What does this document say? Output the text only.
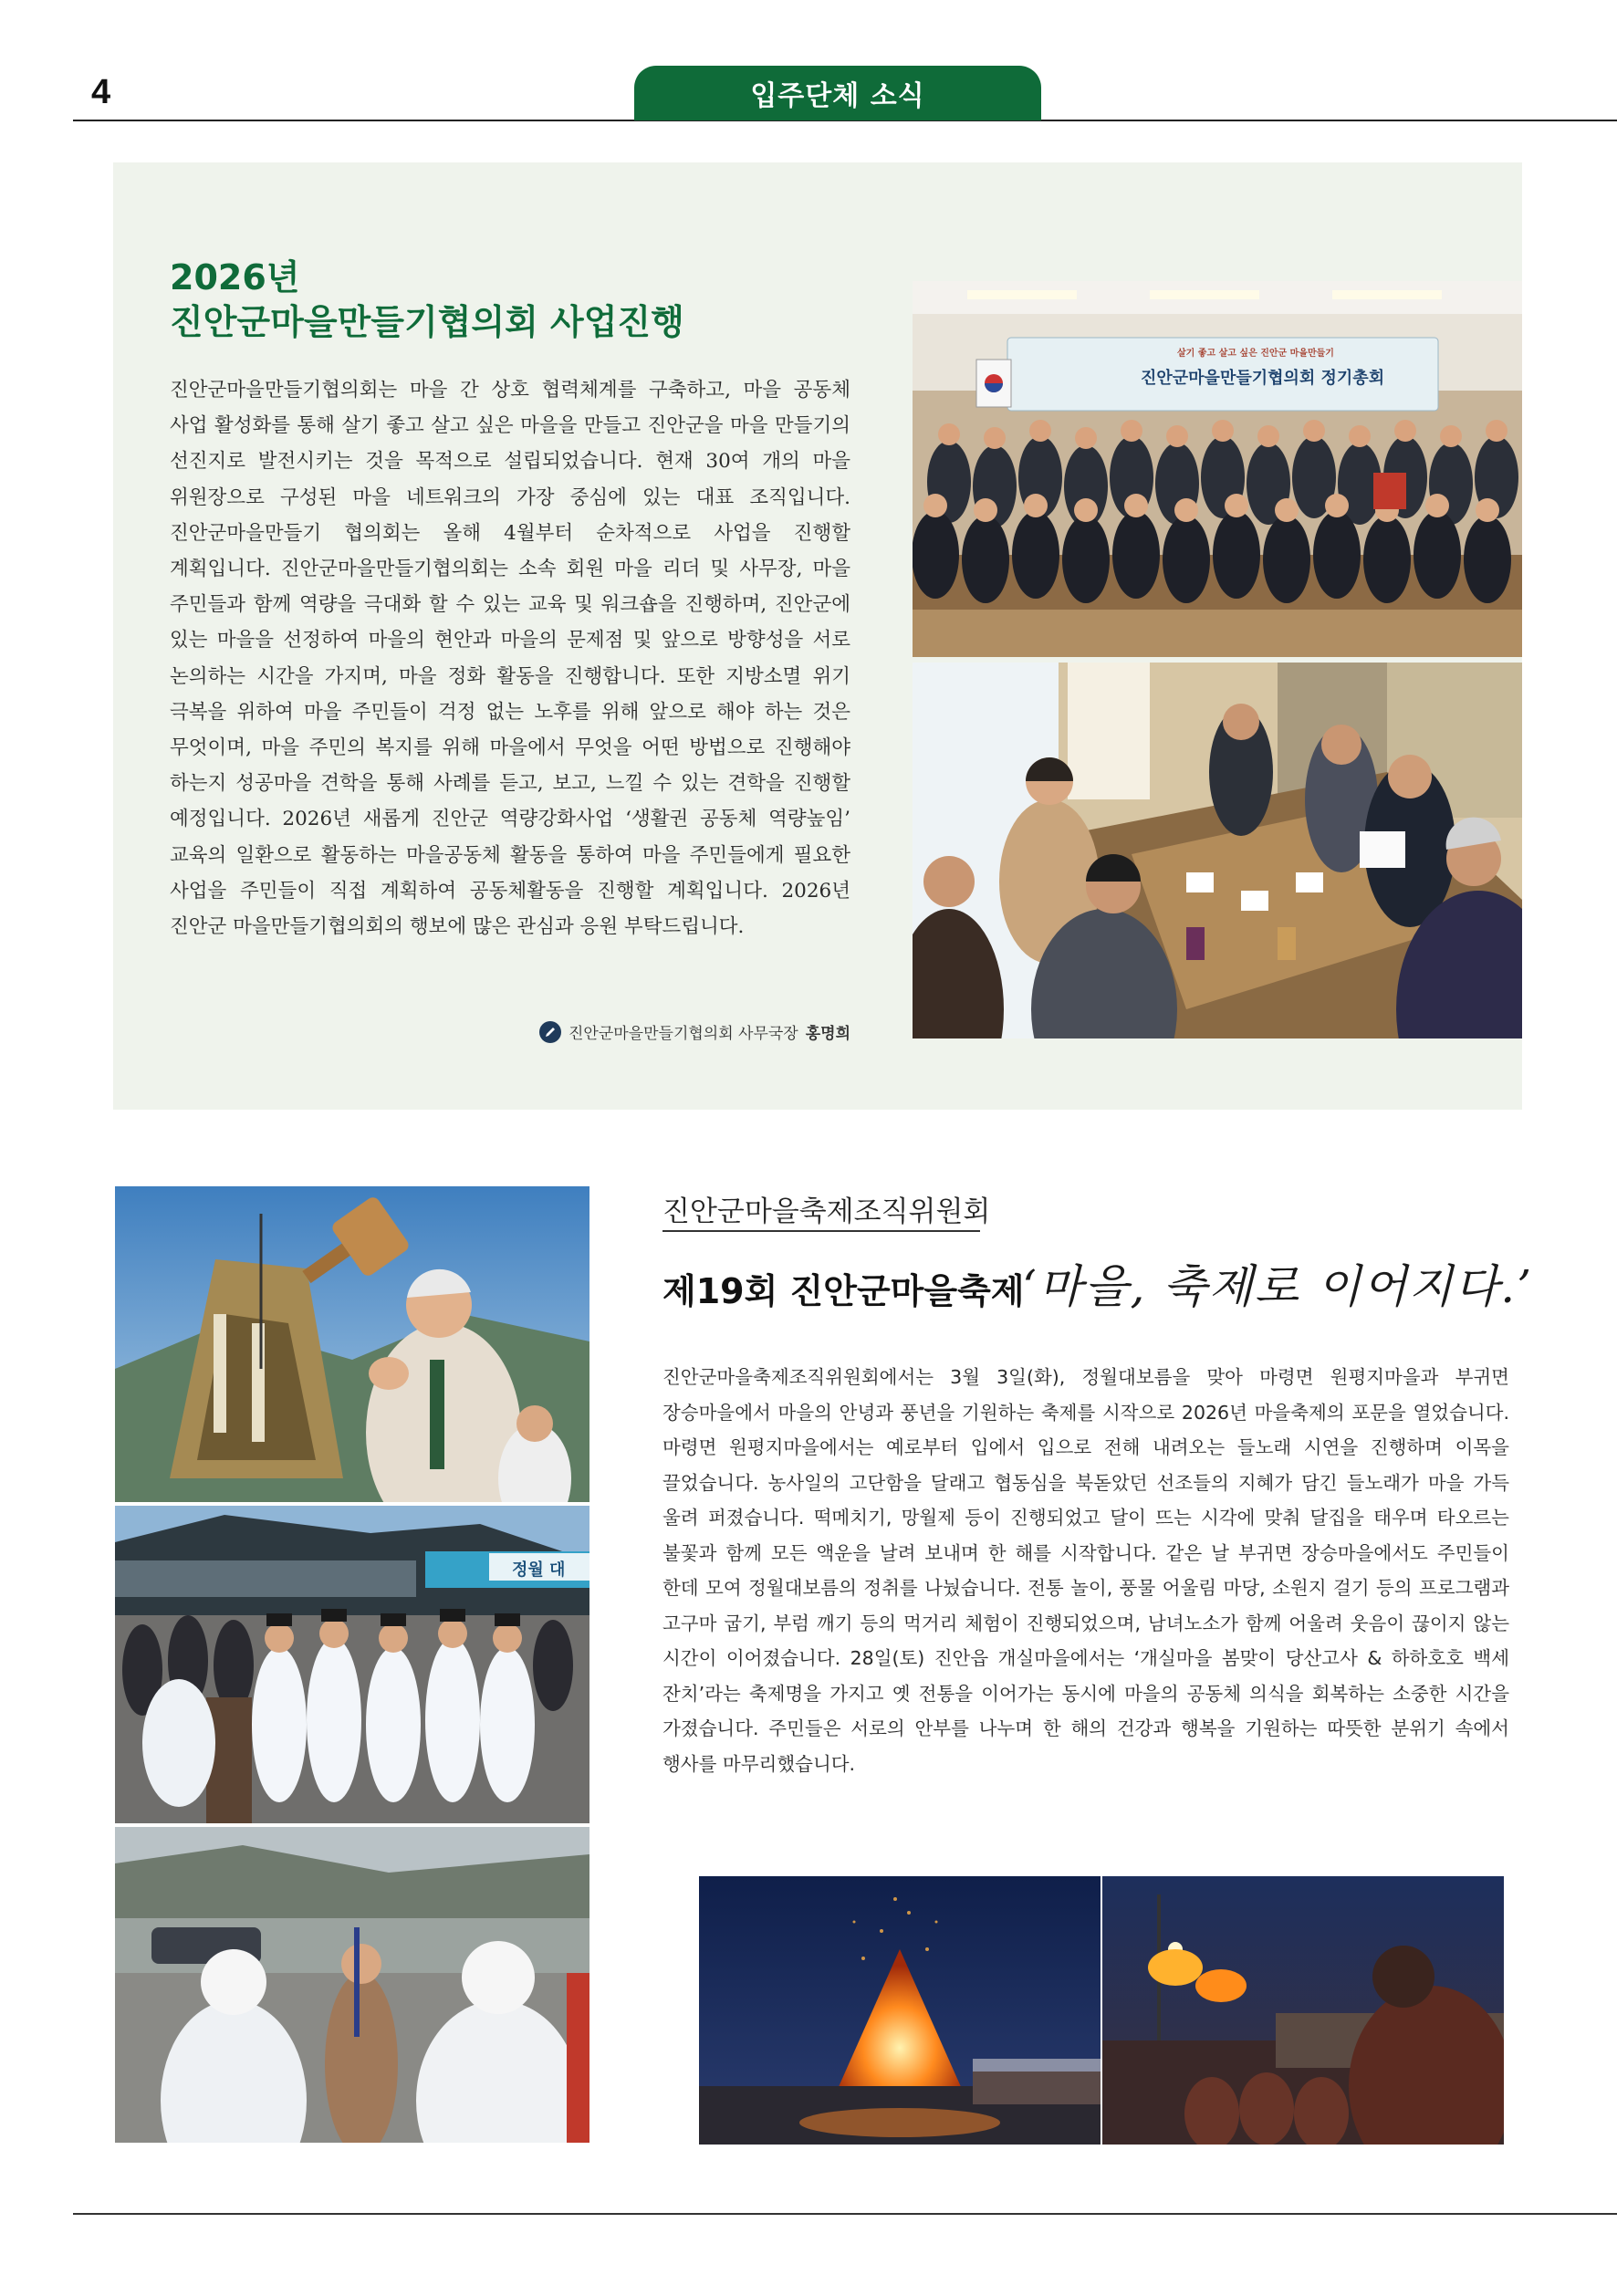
4	입주단체 소식
2026년
진안군마을만들기협의회 사업진행

진안군마을만들기협의회는 마을 간 상호 협력체계를 구축하고, 마을 공동체 사업 활성화를 통해 살기 좋고 살고 싶은 마을을 만들고 진안군을 마을 만들기의 선진지로 발전시키는 것을 목적으로 설립되었습니다. 현재 30여 개의 마을 위원장으로 구성된 마을 네트워크의 가장 중심에 있는 대표 조직입니다. 진안군마을만들기 협의회는 올해 4월부터 순차적으로 사업을 진행할 계획입니다. 진안군마을만들기협의회는 소속 회원 마을 리더 및 사무장, 마을 주민들과 함께 역량을 극대화 할 수 있는 교육 및 워크숍을 진행하며, 진안군에 있는 마을을 선정하여 마을의 현안과 마을의 문제점 및 앞으로 방향성을 서로 논의하는 시간을 가지며, 마을 정화 활동을 진행합니다. 또한 지방소멸 위기 극복을 위하여 마을 주민들이 걱정 없는 노후를 위해 앞으로 해야 하는 것은 무엇이며, 마을 주민의 복지를 위해 마을에서 무엇을 어떤 방법으로 진행해야 하는지 성공마을 견학을 통해 사례를 듣고, 보고, 느낄 수 있는 견학을 진행할 예정입니다. 2026년 새롭게 진안군 역량강화사업 ‘생활권 공동체 역량높임’ 교육의 일환으로 활동하는 마을공동체 활동을 통하여 마을 주민들에게 필요한 사업을 주민들이 직접 계획하여 공동체활동을 진행할 계획입니다. 2026년 진안군 마을만들기협의회의 행보에 많은 관심과 응원 부탁드립니다.

진안군마을만들기협의회 사무국장 홍명희
살기 좋고 살고 싶은 진안군 마을만들기
진안군마을만들기협의회 정기총회
정월 대
진안군마을축제조직위원회
제19회 진안군마을축제
‘마을, 축제로 이어지다.’

진안군마을축제조직위원회에서는 3월 3일(화), 정월대보름을 맞아 마령면 원평지마을과 부귀면 장승마을에서 마을의 안녕과 풍년을 기원하는 축제를 시작으로 2026년 마을축제의 포문을 열었습니다. 마령면 원평지마을에서는 예로부터 입에서 입으로 전해 내려오는 들노래 시연을 진행하며 이목을 끌었습니다. 농사일의 고단함을 달래고 협동심을 북돋았던 선조들의 지혜가 담긴 들노래가 마을 가득 울려 퍼졌습니다. 떡메치기, 망월제 등이 진행되었고 달이 뜨는 시각에 맞춰 달집을 태우며 타오르는 불꽃과 함께 모든 액운을 날려 보내며 한 해를 시작합니다. 같은 날 부귀면 장승마을에서도 주민들이 한데 모여 정월대보름의 정취를 나눴습니다. 전통 놀이, 풍물 어울림 마당, 소원지 걸기 등의 프로그램과 고구마 굽기, 부럼 깨기 등의 먹거리 체험이 진행되었으며, 남녀노소가 함께 어울려 웃음이 끊이지 않는 시간이 이어졌습니다. 28일(토) 진안읍 개실마을에서는 ‘개실마을 봄맞이 당산고사 & 하하호호 백세 잔치’라는 축제명을 가지고 옛 전통을 이어가는 동시에 마을의 공동체 의식을 회복하는 소중한 시간을 가졌습니다. 주민들은 서로의 안부를 나누며 한 해의 건강과 행복을 기원하는 따뜻한 분위기 속에서 행사를 마무리했습니다.
